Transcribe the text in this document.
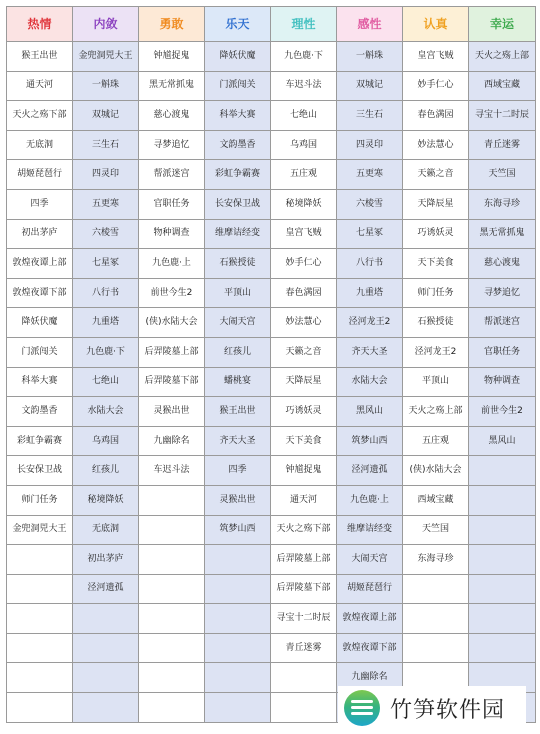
热情	内敛	勇敢	乐天	理性	感性	认真	幸运
猴王出世	金兜洞兕大王	钟馗捉鬼	降妖伏魔	九色鹿·下	一斛珠	皇宫飞贼	天火之殇上部
通天河	一斛珠	黑无常抓鬼	门派闯关	车迟斗法	双城记	妙手仁心	西域宝藏
天火之殇下部	双城记	慈心渡鬼	科举大赛	七绝山	三生石	春色满园	寻宝十二时辰
无底洞	三生石	寻梦追忆	文韵墨香	乌鸡国	四灵印	妙法慧心	青丘迷雾
胡姬琵琶行	四灵印	帮派迷宫	彩虹争霸赛	五庄观	五更寒	天籁之音	天竺国
四季	五更寒	官职任务	长安保卫战	秘境降妖	六棱雪	天降辰星	东海寻珍
初出茅庐	六棱雪	物种调查	维摩诘经变	皇宫飞贼	七星冢	巧诱妖灵	黑无常抓鬼
敦煌夜谭上部	七星冢	九色鹿·上	石猴授徒	妙手仁心	八行书	天下美食	慈心渡鬼
敦煌夜谭下部	八行书	前世今生2	平顶山	春色满园	九重塔	师门任务	寻梦追忆
降妖伏魔	九重塔	(侠)水陆大会	大闹天宫	妙法慧心	泾河龙王2	石猴授徒	帮派迷宫
门派闯关	九色鹿·下	后羿陵墓上部	红孩儿	天籁之音	齐天大圣	泾河龙王2	官职任务
科举大赛	七绝山	后羿陵墓下部	蟠桃宴	天降辰星	水陆大会	平顶山	物种调查
文韵墨香	水陆大会	灵猴出世	猴王出世	巧诱妖灵	黑风山	天火之殇上部	前世今生2
彩虹争霸赛	乌鸡国	九幽除名	齐天大圣	天下美食	筑梦山西	五庄观	黑风山
长安保卫战	红孩儿	车迟斗法	四季	钟馗捉鬼	泾河遗孤	(侠)水陆大会	
师门任务	秘境降妖		灵猴出世	通天河	九色鹿·上	西域宝藏	
金兜洞兕大王	无底洞		筑梦山西	天火之殇下部	维摩诘经变	天竺国	
	初出茅庐			后羿陵墓上部	大闹天宫	东海寻珍	
	泾河遗孤			后羿陵墓下部	胡姬琵琶行		
				寻宝十二时辰	敦煌夜谭上部		
				青丘迷雾	敦煌夜谭下部		
					九幽除名		

竹笋软件园
